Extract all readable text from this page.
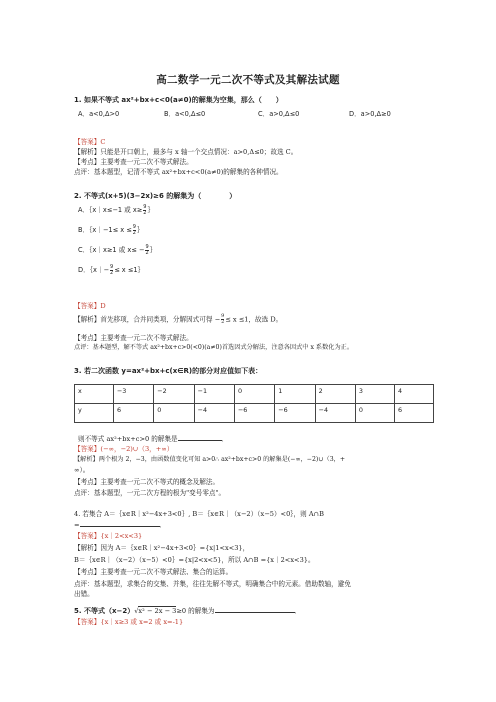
高二数学一元二次不等式及其解法试题
1. 如果不等式 ax²+bx+c<0(a≠0)的解集为空集，那么（　　）
A．a<0,Δ>0	B．a<0,Δ≤0	C．a>0,Δ≤0	D．a>0,Δ≥0
【答案】C
【解析】只能是开口朝上，最多与 x 轴一个交点情况：a>0,Δ≤0；故选 C。
【考点】主要考查一元二次不等式解法。
点评：基本题型，记清不等式 ax²+bx+c<0(a≠0)的解集的各种情况。
2. 不等式(x+5)(3−2x)≥6 的解集为（　　　　）
A．｛x｜x≤−1 或 $x\ge \frac{9}{2}$ ｝
B．｛x｜−1≤ $x \le \frac{9}{2}$ ｝
C．｛x｜x≥1 或 $x\le - \frac{9}{2}$ ｝
D．｛x｜− $\frac{9}{2} \le x$ ≤1｝
【答案】D
【解析】首先移项，合并同类项，分解因式可得 − $\frac{9}{2} \le x \le 1$，故选 D。
【考点】主要考查一元二次不等式解法。
点评：基本题型，解不等式 ax²+bx+c>0(<0)(a≠0)首选因式分解法，注意各因式中 x 系数化为正。
3. 若二次函数 y=ax²+bx+c(x∈R)的部分对应值如下表：
x	−3	−2	−1	0	1	2	3	4
y	6	0	−4	−6	−6	−4	0	6
则不等式 ax²+bx+c>0 的解集是	．
【答案】(−∞，−2)∪（3，+∞）
【解析】两个根为 2，−3，由函数值变化可知 a>0∴ ax²+bx+c>0 的解集是(−∞，−2)∪（3，+
∞）。
【考点】主要考查一元二次不等式的概念及解法。
点评：基本题型，一元二次方程的根为"变号零点"。
4. 若集合 A＝｛x∈R｜x²−4x+3<0｝, B＝｛x∈R｜（x−2）（x−5）<0｝，则 A∩B
=	．
【答案】{x｜2<x<3}
【解析】因为 A＝｛x∈R｜x²−4x+3<0｝={x|1<x<3}，
B＝｛x∈R｜（x−2）（x−5）<0｝={x|2<x<5}，所以 A∩B ={x｜2<x<3}。
【考点】主要考查一元二次不等式解法、集合的运算。
点评：基本题型，求集合的交集、并集，往往先解不等式，明确集合中的元素。借助数轴，避免
出错。
5. 不等式（x−2）√x² − 2x − 3≥0 的解集为	．
【答案】{x｜x≥3 或 x=2 或 x=-1}
